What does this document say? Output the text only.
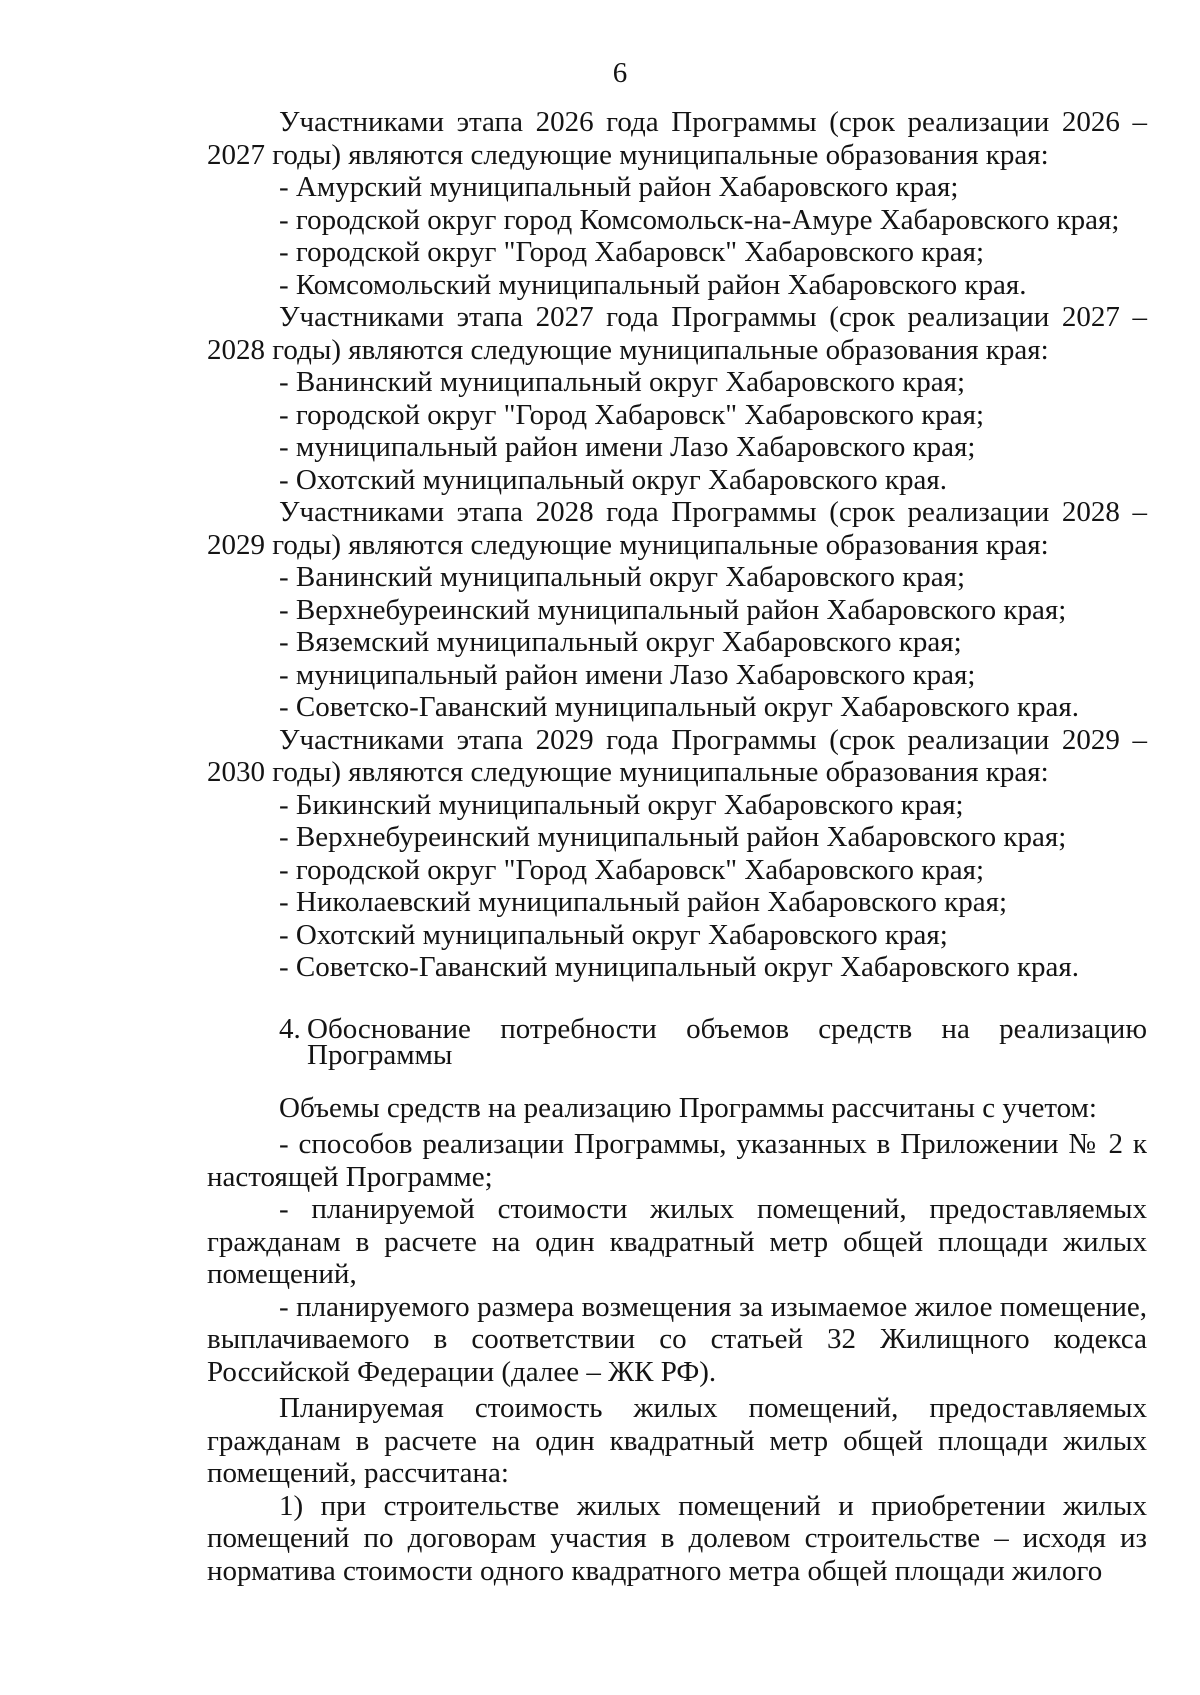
6

Участниками этапа 2026 года Программы (срок реализации 2026 – 2027 годы) являются следующие муниципальные образования края:

- Амурский муниципальный район Хабаровского края;

- городской округ город Комсомольск-на-Амуре Хабаровского края;

- городской округ "Город Хабаровск" Хабаровского края;

- Комсомольский муниципальный район Хабаровского края.

Участниками этапа 2027 года Программы (срок реализации 2027 – 2028 годы) являются следующие муниципальные образования края:

- Ванинский муниципальный округ Хабаровского края;

- городской округ "Город Хабаровск" Хабаровского края;

- муниципальный район имени Лазо Хабаровского края;

- Охотский муниципальный округ Хабаровского края.

Участниками этапа 2028 года Программы (срок реализации 2028 – 2029 годы) являются следующие муниципальные образования края:

- Ванинский муниципальный округ Хабаровского края;

- Верхнебуреинский муниципальный район Хабаровского края;

- Вяземский муниципальный округ Хабаровского края;

- муниципальный район имени Лазо Хабаровского края;

- Советско-Гаванский муниципальный округ Хабаровского края.

Участниками этапа 2029 года Программы (срок реализации 2029 – 2030 годы) являются следующие муниципальные образования края:

- Бикинский муниципальный округ Хабаровского края;

- Верхнебуреинский муниципальный район Хабаровского края;

- городской округ "Город Хабаровск" Хабаровского края;

- Николаевский муниципальный район Хабаровского края;

- Охотский муниципальный округ Хабаровского края;

- Советско-Гаванский муниципальный округ Хабаровского края.

4. Обоснование потребности объемов средств на реализацию
Программы

Объемы средств на реализацию Программы рассчитаны с учетом:

- способов реализации Программы, указанных в Приложении № 2 к настоящей Программе;

- планируемой стоимости жилых помещений, предоставляемых гражданам в расчете на один квадратный метр общей площади жилых помещений,

- планируемого размера возмещения за изымаемое жилое помещение, выплачиваемого в соответствии со статьей 32 Жилищного кодекса Российской Федерации (далее – ЖК РФ).

Планируемая стоимость жилых помещений, предоставляемых гражданам в расчете на один квадратный метр общей площади жилых помещений, рассчитана:

1) при строительстве жилых помещений и приобретении жилых помещений по договорам участия в долевом строительстве – исходя из норматива стоимости одного квадратного метра общей площади жилого
